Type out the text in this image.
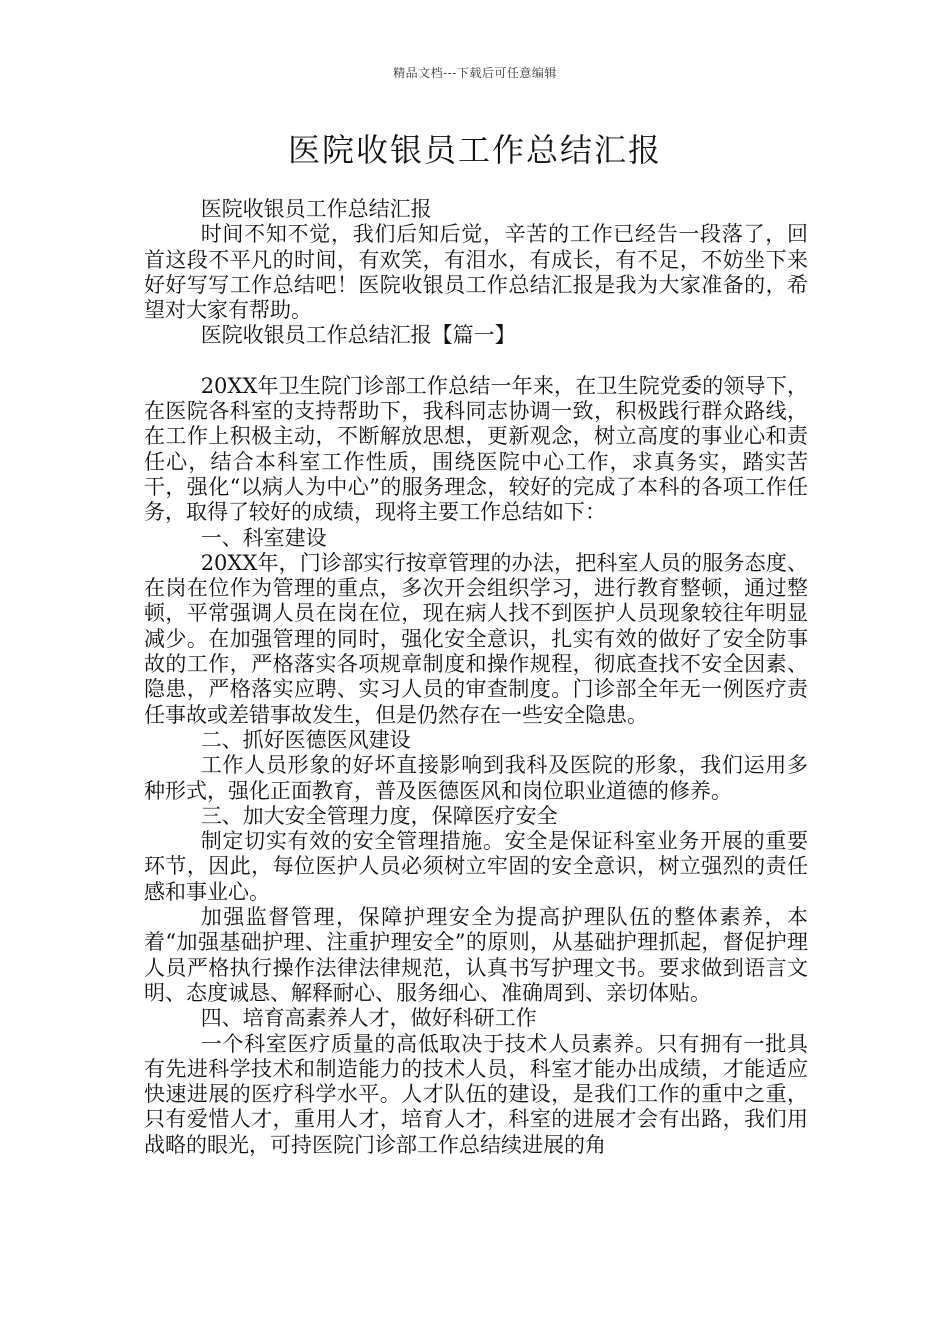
精品文档---下载后可任意编辑
医院收银员工作总结汇报

医院收银员工作总结汇报

时间不知不觉，我们后知后觉，辛苦的工作已经告一段落了，回首这段不平凡的时间，有欢笑，有泪水，有成长，有不足，不妨坐下来好好写写工作总结吧！医院收银员工作总结汇报是我为大家准备的，希望对大家有帮助。

医院收银员工作总结汇报【篇一】

20XX年卫生院门诊部工作总结一年来，在卫生院党委的领导下，在医院各科室的支持帮助下，我科同志协调一致，积极践行群众路线，在工作上积极主动，不断解放思想，更新观念，树立高度的事业心和责任心，结合本科室工作性质，围绕医院中心工作，求真务实，踏实苦干，强化“以病人为中心”的服务理念，较好的完成了本科的各项工作任务，取得了较好的成绩，现将主要工作总结如下：

一、科室建设

20XX年，门诊部实行按章管理的办法，把科室人员的服务态度、在岗在位作为管理的重点，多次开会组织学习，进行教育整顿，通过整顿，平常强调人员在岗在位，现在病人找不到医护人员现象较往年明显减少。在加强管理的同时，强化安全意识，扎实有效的做好了安全防事故的工作，严格落实各项规章制度和操作规程，彻底查找不安全因素、隐患，严格落实应聘、实习人员的审查制度。门诊部全年无一例医疗责任事故或差错事故发生，但是仍然存在一些安全隐患。

二、抓好医德医风建设

工作人员形象的好坏直接影响到我科及医院的形象，我们运用多种形式，强化正面教育，普及医德医风和岗位职业道德的修养。

三、加大安全管理力度，保障医疗安全

制定切实有效的安全管理措施。安全是保证科室业务开展的重要环节，因此，每位医护人员必须树立牢固的安全意识，树立强烈的责任感和事业心。

加强监督管理，保障护理安全为提高护理队伍的整体素养，本着“加强基础护理、注重护理安全”的原则，从基础护理抓起，督促护理人员严格执行操作法律法律规范，认真书写护理文书。要求做到语言文明、态度诚恳、解释耐心、服务细心、准确周到、亲切体贴。

四、培育高素养人才，做好科研工作

一个科室医疗质量的高低取决于技术人员素养。只有拥有一批具有先进科学技术和制造能力的技术人员，科室才能办出成绩，才能适应快速进展的医疗科学水平。人才队伍的建设，是我们工作的重中之重，只有爱惜人才，重用人才，培育人才，科室的进展才会有出路，我们用战略的眼光，可持医院门诊部工作总结续进展的角
